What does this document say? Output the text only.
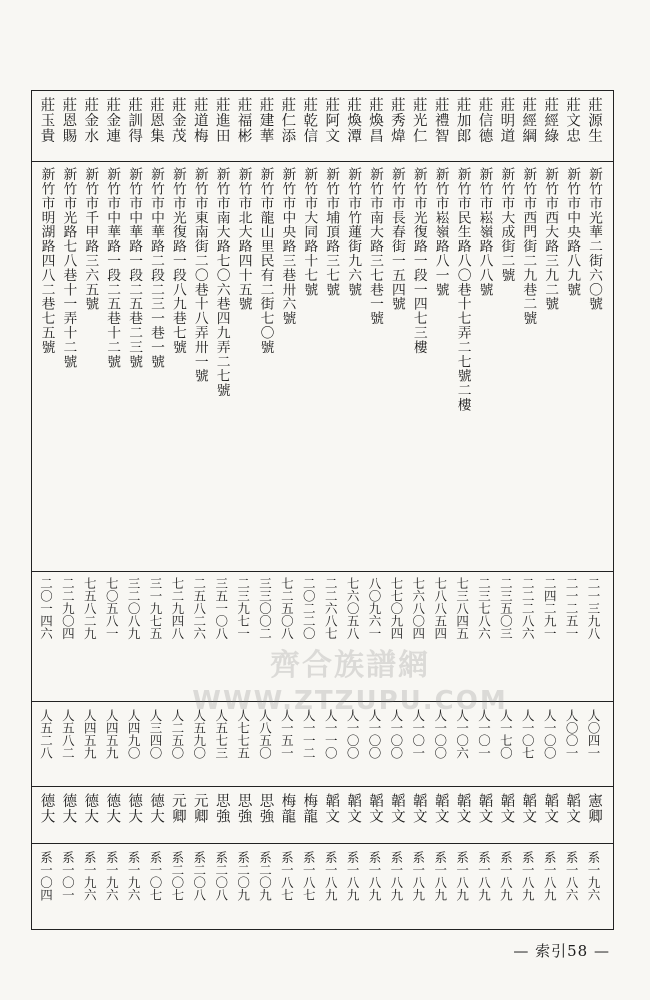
莊源生
莊文忠
莊經綠
莊經綱
莊明道
莊信德
莊加郎
莊禮智
莊光仁
莊秀煒
莊煥昌
莊煥潭
莊阿文
莊乾信
莊仁添
莊建華
莊福彬
莊進田
莊道梅
莊金茂
莊恩集
莊訓得
莊金連
莊金水
莊恩賜
莊玉貴
新竹市光華二街六〇號
新竹市中央路八九號
新竹市西大路三九二號
新竹市西門街二九巷二號
新竹市大成街二號
新竹市崧嶺路八八號
新竹市民生路八〇巷十七弄二七號二樓
新竹市崧嶺路八一號
新竹市光復路一段一四七三樓
新竹市長春街一五四號
新竹市南大路三七巷一號
新竹市竹蓮街九六號
新竹市埔頂路三七號
新竹市大同路十七號
新竹市中央路三巷卅六號
新竹市龍山里民有二街七〇號
新竹市北大路四十五號
新竹市南大路七〇六巷四九弄二七號
新竹市東南街二〇巷十八弄卅一號
新竹市光復路一段八九巷七號
新竹市中華路二段二三一巷一號
新竹市中華路一段二五巷二三號
新竹市中華路一段二五巷十二號
新竹市千甲路三六五號
新竹市光路七八巷十一弄十二號
新竹市明湖路四八二巷七五號
二一三九八
二一二五一
二四二九一
二二二八六
二三五〇三
二三七八六
七三八四五
七八八五四
七六八〇四
七七〇九四
八〇九六一
七六〇五八
二二六八七
二〇二二〇
七二五〇八
三三〇〇二
二三九七一
三五一〇八
二五八二六
七二九四八
三一九七五
三二〇八九
七〇五八一
七五八二九
二二九〇四
二〇一四六
人〇四一
人〇〇一
人一〇〇
人一〇七
人一七〇
人一〇一
人一〇六
人一〇〇
人一〇一
人一〇〇
人一〇〇
人一〇〇
人一一〇
人一一二
人一五一
人八五〇
人七七五
人五七三
人五九〇
人二五〇
人三四〇
人四九〇
人四五九
人四五九
人五八二
人五二八
憲卿
韜文
韜文
韜文
韜文
韜文
韜文
韜文
韜文
韜文
韜文
韜文
韜文
梅龍
梅龍
思強
思強
思強
元卿
元卿
德大
德大
德大
德大
德大
德大
系一九六
系一八六
系一八九
系一八九
系一八九
系一八九
系一八九
系一八九
系一八九
系一八九
系一八九
系一八九
系一八九
系一八七
系一八七
系二〇九
系二〇九
系二〇八
系二〇八
系二〇七
系一〇七
系一九六
系一九六
系一九六
系一〇一
系一〇四
齊合族譜網
WWW.ZTZUPU.COM
— 索引58 —
